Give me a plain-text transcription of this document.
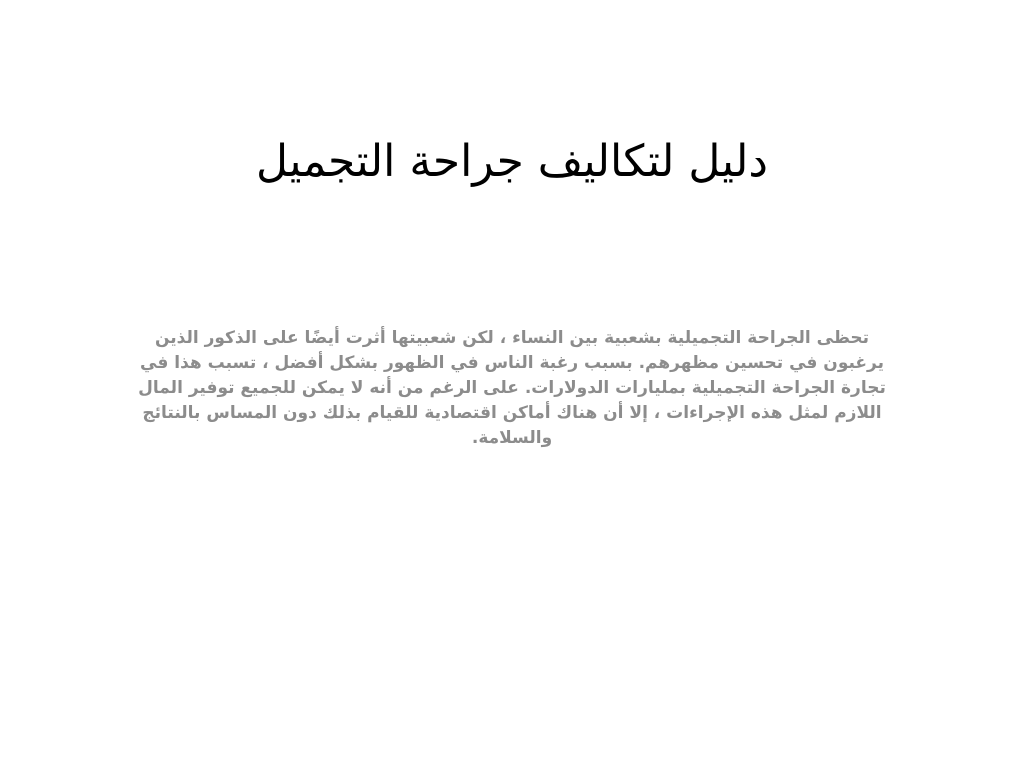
دليل لتكاليف جراحة التجميل

تحظى الجراحة التجميلية بشعبية بين النساء ، لكن شعبيتها أثرت أيضًا على الذكور الذين يرغبون في تحسين مظهرهم. بسبب رغبة الناس في الظهور بشكل أفضل ، تسبب هذا في تجارة الجراحة التجميلية بمليارات الدولارات. على الرغم من أنه لا يمكن للجميع توفير المال اللازم لمثل هذه الإجراءات ، إلا أن هناك أماكن اقتصادية للقيام بذلك دون المساس بالنتائج والسلامة.
